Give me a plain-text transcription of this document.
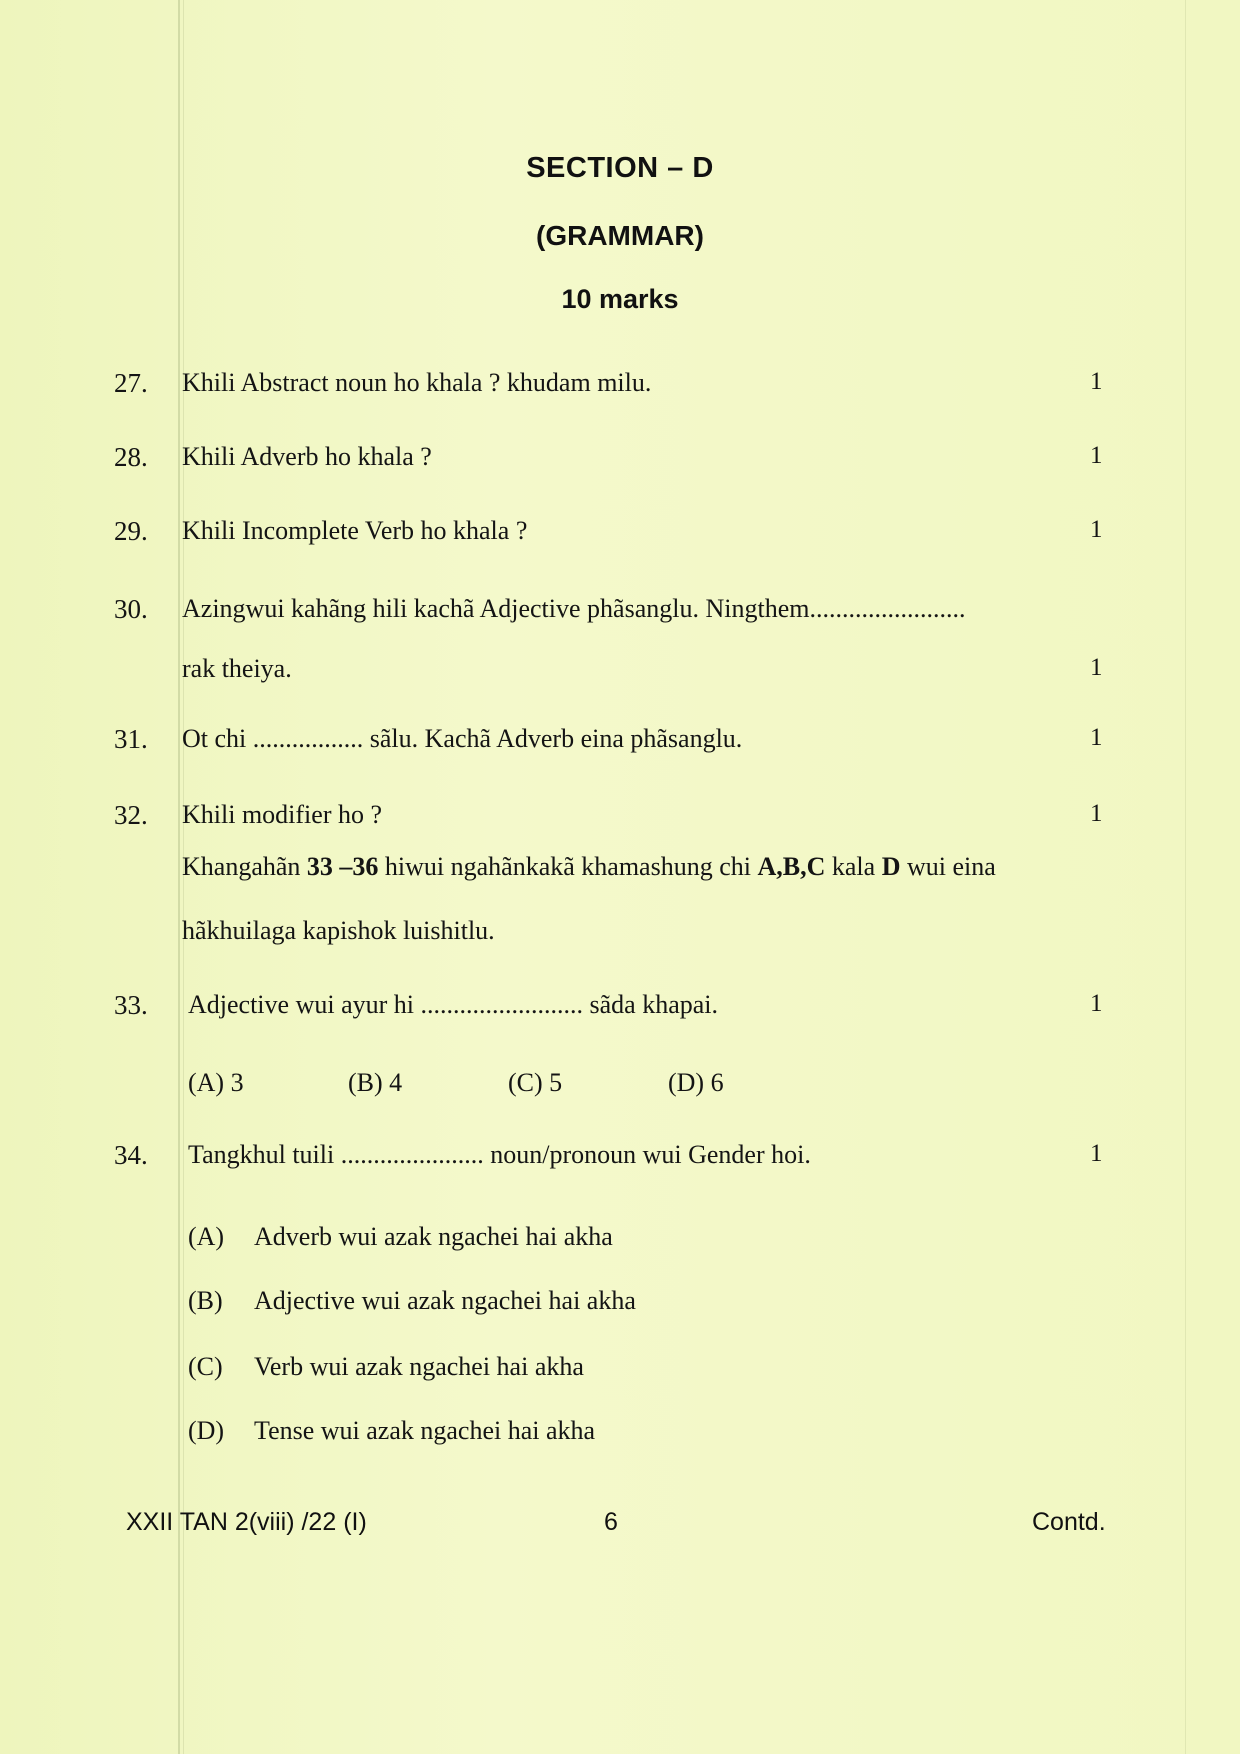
SECTION – D
(GRAMMAR)
10 marks
27. Khili Abstract noun ho khala ? khudam milu.	1
28. Khili Adverb ho khala ?	1
29. Khili Incomplete Verb ho khala ?	1
30. Azingwui kahãng hili kachã Adjective phãsanglu. Ningthem........................
rak theiya.	1
31. Ot chi ................. sãlu. Kachã Adverb eina phãsanglu.	1
32. Khili modifier ho ?	1
Khangahãn 33 –36 hiwui ngahãnkakã khamashung chi A,B,C kala D wui eina
hãkhuilaga kapishok luishitlu.
33. Adjective wui ayur hi ......................... sãda khapai.	1
(A) 3	(B) 4	(C) 5	(D) 6
34. Tangkhul tuili ...................... noun/pronoun wui Gender hoi.	1
(A) Adverb wui azak ngachei hai akha
(B) Adjective wui azak ngachei hai akha
(C) Verb wui azak ngachei hai akha
(D) Tense wui azak ngachei hai akha
XXII TAN 2(viii) /22 (I)	6	Contd.
